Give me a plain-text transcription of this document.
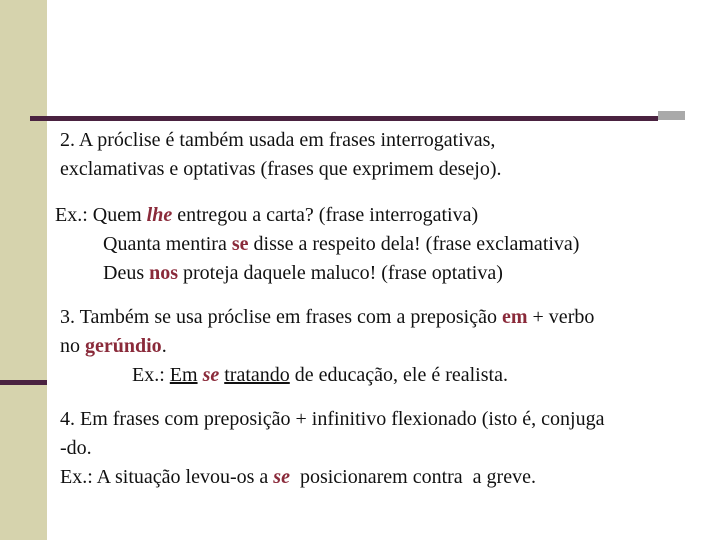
2. A próclise é também usada em frases interrogativas,
exclamativas e optativas (frases que exprimem desejo).
Ex.: Quem lhe entregou a carta? (frase interrogativa)
Quanta mentira se disse a respeito dela! (frase exclamativa)
Deus nos proteja daquele maluco! (frase optativa)
3. Também se usa próclise em frases com a preposição em + verbo
no gerúndio.
Ex.: Em se tratando de educação, ele é realista.
4. Em frases com preposição + infinitivo flexionado (isto é, conjuga
-do.
Ex.: A situação levou-os a se  posicionarem contra  a greve.
